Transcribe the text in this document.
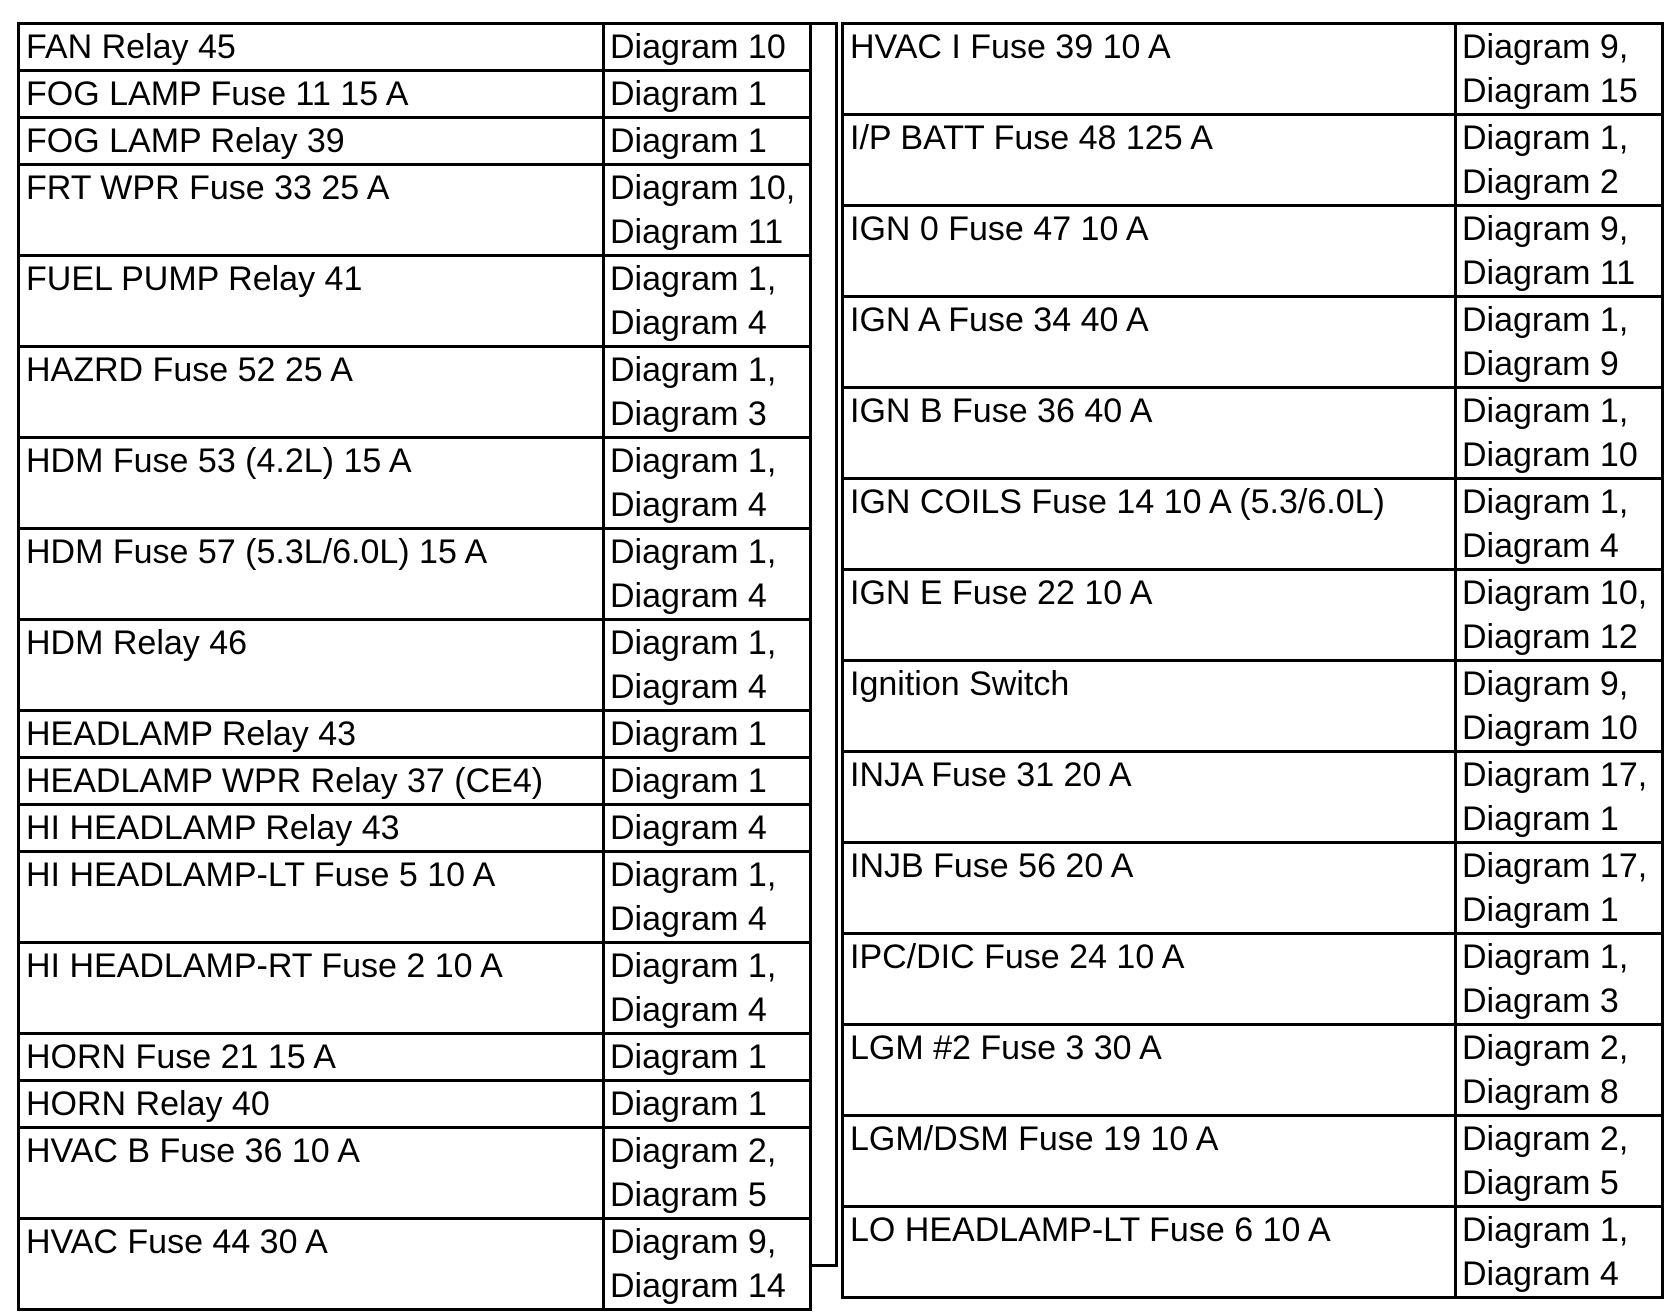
FAN Relay 45	Diagram 10

FOG LAMP Fuse 11 15 A	Diagram 1

FOG LAMP Relay 39	Diagram 1

FRT WPR Fuse 33 25 A	Diagram 10,
Diagram 11

FUEL PUMP Relay 41	Diagram 1,
Diagram 4

HAZRD Fuse 52 25 A	Diagram 1,
Diagram 3

HDM Fuse 53 (4.2L) 15 A	Diagram 1,
Diagram 4

HDM Fuse 57 (5.3L/6.0L) 15 A	Diagram 1,
Diagram 4

HDM Relay 46	Diagram 1,
Diagram 4

HEADLAMP Relay 43	Diagram 1

HEADLAMP WPR Relay 37 (CE4)	Diagram 1

HI HEADLAMP Relay 43	Diagram 4

HI HEADLAMP-LT Fuse 5 10 A	Diagram 1,
Diagram 4

HI HEADLAMP-RT Fuse 2 10 A	Diagram 1,
Diagram 4

HORN Fuse 21 15 A	Diagram 1

HORN Relay 40	Diagram 1

HVAC B Fuse 36 10 A	Diagram 2,
Diagram 5

HVAC Fuse 44 30 A	Diagram 9,
Diagram 14
HVAC I Fuse 39 10 A	Diagram 9,
Diagram 15

I/P BATT Fuse 48 125 A	Diagram 1,
Diagram 2

IGN 0 Fuse 47 10 A	Diagram 9,
Diagram 11

IGN A Fuse 34 40 A	Diagram 1,
Diagram 9

IGN B Fuse 36 40 A	Diagram 1,
Diagram 10

IGN COILS Fuse 14 10 A (5.3/6.0L)	Diagram 1,
Diagram 4

IGN E Fuse 22 10 A	Diagram 10,
Diagram 12

Ignition Switch	Diagram 9,
Diagram 10

INJA Fuse 31 20 A	Diagram 17,
Diagram 1

INJB Fuse 56 20 A	Diagram 17,
Diagram 1

IPC/DIC Fuse 24 10 A	Diagram 1,
Diagram 3

LGM #2 Fuse 3 30 A	Diagram 2,
Diagram 8

LGM/DSM Fuse 19 10 A	Diagram 2,
Diagram 5

LO HEADLAMP-LT Fuse 6 10 A	Diagram 1,
Diagram 4
